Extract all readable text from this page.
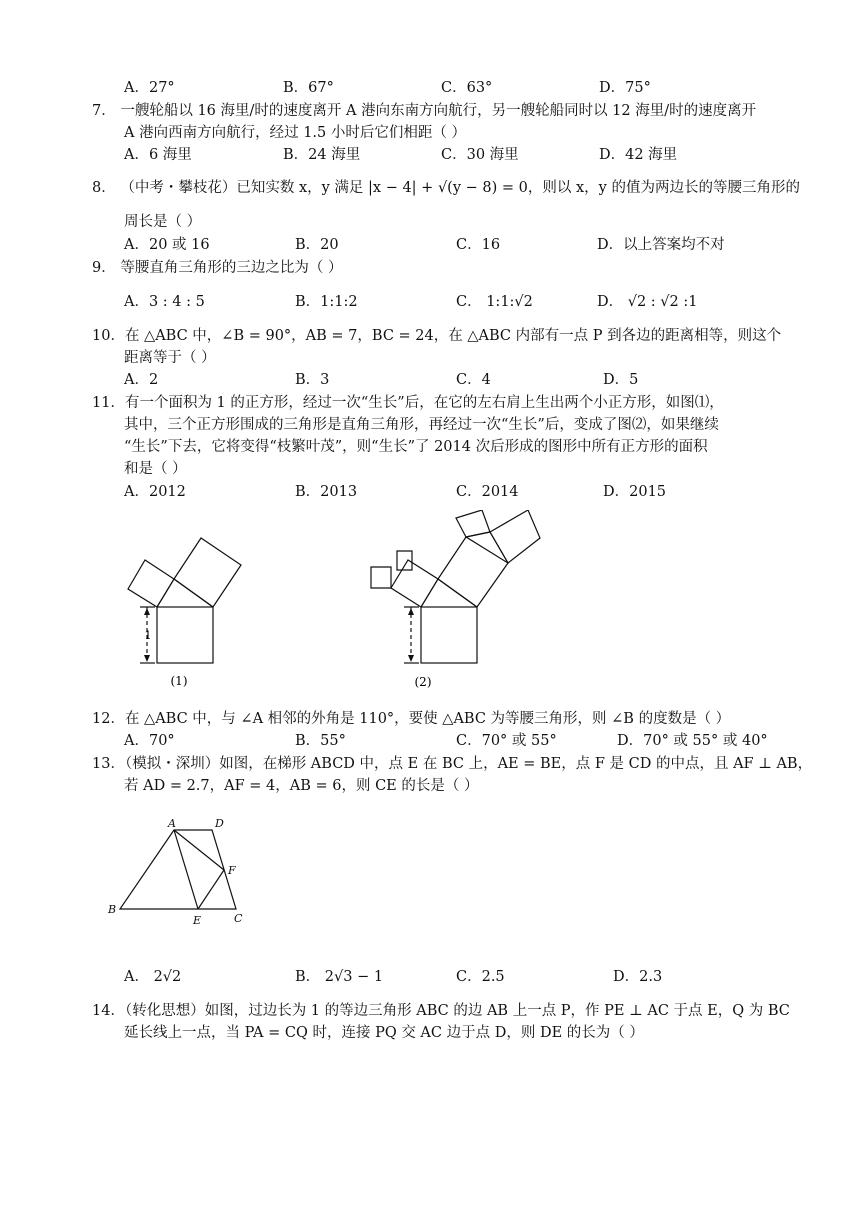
A．27°	B．67°	C．63°	D．75°
7． 一艘轮船以 16 海里/时的速度离开 A 港向东南方向航行，另一艘轮船同时以 12 海里/时的速度离开
A 港向西南方向航行，经过 1.5 小时后它们相距（ ）
A．6 海里	B．24 海里	C．30 海里	D．42 海里
8． （中考・攀枝花）已知实数 x，y 满足 |x − 4| + √(y − 8) = 0，则以 x，y 的值为两边长的等腰三角形的
周长是（ ）
A．20 或 16	B．20	C．16	D．以上答案均不对
9． 等腰直角三角形的三边之比为（ ）
A．3 : 4 : 5	B．1:1:2	C． 1:1:√2	D． √2 : √2 :1
10．在 △ABC 中，∠B = 90°，AB = 7，BC = 24，在 △ABC 内部有一点 P 到各边的距离相等，则这个
距离等于（ ）
A．2	B．3	C．4	D．5
11．有一个面积为 1 的正方形，经过一次“生长”后，在它的左右肩上生出两个小正方形，如图⑴，
其中，三个正方形围成的三角形是直角三角形，再经过一次“生长”后，变成了图⑵，如果继续
“生长”下去，它将变得“枝繁叶茂”，则“生长”了 2014 次后形成的图形中所有正方形的面积
和是（ ）
A．2012	B．2013	C．2014	D．2015
1
(1)	(2)
12．在 △ABC 中，与 ∠A 相邻的外角是 110°，要使 △ABC 为等腰三角形，则 ∠B 的度数是（ ）
A．70°	B．55°	C．70° 或 55°	D．70° 或 55° 或 40°
13．（模拟・深圳）如图，在梯形 ABCD 中，点 E 在 BC 上，AE = BE，点 F 是 CD 的中点，且 AF ⊥ AB，
若 AD = 2.7，AF = 4，AB = 6，则 CE 的长是（ ）
A	D
F
B
E	C
A． 2√2	B． 2√3 − 1	C．2.5	D．2.3
14．（转化思想）如图，过边长为 1 的等边三角形 ABC 的边 AB 上一点 P，作 PE ⊥ AC 于点 E，Q 为 BC
延长线上一点，当 PA = CQ 时，连接 PQ 交 AC 边于点 D，则 DE 的长为（ ）
